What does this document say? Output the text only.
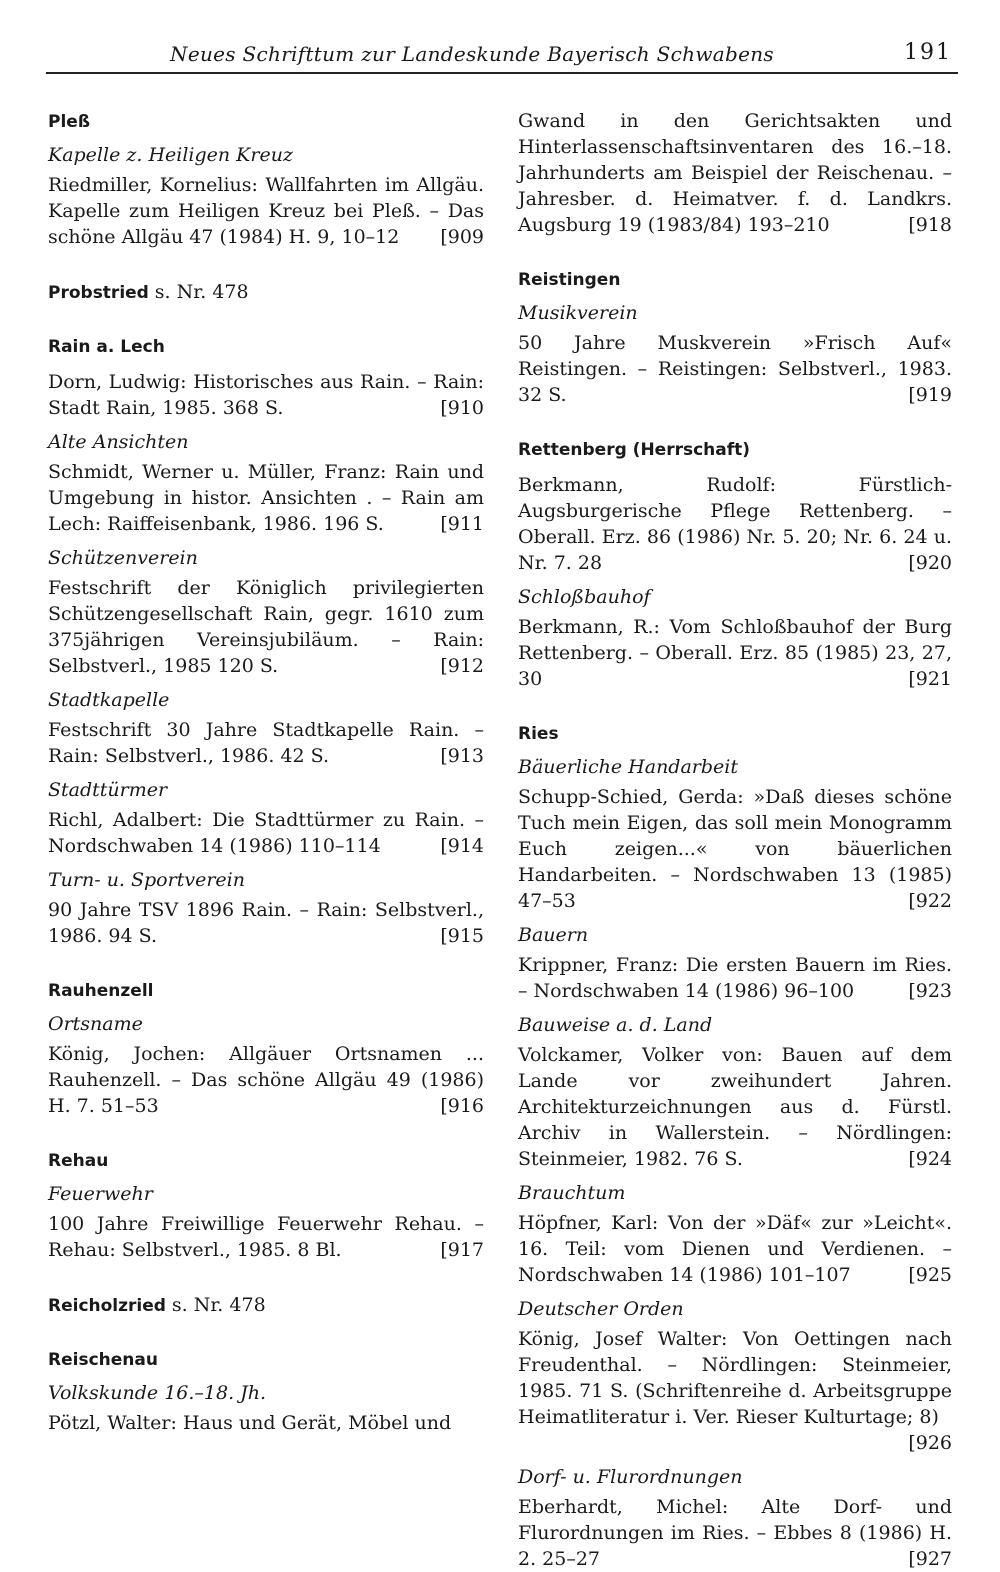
Neues Schrifttum zur Landeskunde Bayerisch Schwabens	191
Pleß
Kapelle z. Heiligen Kreuz

Riedmiller, Kornelius: Wallfahrten im Allgäu. Kapelle zum Heiligen Kreuz bei Pleß. – Das schöne Allgäu 47 (1984) H. 9, 10–12 [909

Probstried s. Nr. 478
Rain a. Lech

Dorn, Ludwig: Historisches aus Rain. – Rain: Stadt Rain, 1985. 368 S.	[910

Alte Ansichten

Schmidt, Werner u. Müller, Franz: Rain und Umgebung in histor. Ansichten . – Rain am Lech: Raiffeisenbank, 1986. 196 S.	[911

Schützenverein

Festschrift der Königlich privilegierten Schützengesellschaft Rain, gegr. 1610 zum 375jährigen Vereinsjubiläum. – Rain: Selbstverl., 1985 120 S.	[912

Stadtkapelle

Festschrift 30 Jahre Stadtkapelle Rain. – Rain: Selbstverl., 1986. 42 S.	[913

Stadttürmer

Richl, Adalbert: Die Stadttürmer zu Rain. – Nordschwaben 14 (1986) 110–114	[914

Turn- u. Sportverein

90 Jahre TSV 1896 Rain. – Rain: Selbstverl., 1986. 94 S.	[915

Rauhenzell
Ortsname

König, Jochen: Allgäuer Ortsnamen ... Rauhenzell. – Das schöne Allgäu 49 (1986) H. 7. 51–53	[916

Rehau
Feuerwehr

100 Jahre Freiwillige Feuerwehr Rehau. – Rehau: Selbstverl., 1985. 8 Bl.	[917

Reicholzried s. Nr. 478
Reischenau
Volkskunde 16.–18. Jh.

Pötzl, Walter: Haus und Gerät, Möbel und

Gwand in den Gerichtsakten und Hinterlassenschaftsinventaren des 16.–18. Jahrhunderts am Beispiel der Reischenau. – Jahresber. d. Heimatver. f. d. Landkrs. Augsburg 19 (1983/84) 193–210	[918

Reistingen
Musikverein

50 Jahre Muskverein »Frisch Auf« Reistingen. – Reistingen: Selbstverl., 1983. 32 S.	[919

Rettenberg (Herrschaft)

Berkmann, Rudolf: Fürstlich-Augsburgerische Pflege Rettenberg. – Oberall. Erz. 86 (1986) Nr. 5. 20; Nr. 6. 24 u. Nr. 7. 28	[920

Schloßbauhof

Berkmann, R.: Vom Schloßbauhof der Burg Rettenberg. – Oberall. Erz. 85 (1985) 23, 27, 30	[921

Ries
Bäuerliche Handarbeit

Schupp-Schied, Gerda: »Daß dieses schöne Tuch mein Eigen, das soll mein Monogramm Euch zeigen...« von bäuerlichen Handarbeiten. – Nordschwaben 13 (1985) 47–53	[922

Bauern

Krippner, Franz: Die ersten Bauern im Ries. – Nordschwaben 14 (1986) 96–100	[923

Bauweise a. d. Land

Volckamer, Volker von: Bauen auf dem Lande vor zweihundert Jahren. Architekturzeichnungen aus d. Fürstl. Archiv in Wallerstein. – Nördlingen: Steinmeier, 1982. 76 S.	[924

Brauchtum

Höpfner, Karl: Von der »Däf« zur »Leicht«. 16. Teil: vom Dienen und Verdienen. – Nordschwaben 14 (1986) 101–107	[925

Deutscher Orden

König, Josef Walter: Von Oettingen nach Freudenthal. – Nördlingen: Steinmeier, 1985. 71 S. (Schriftenreihe d. Arbeitsgruppe Heimatliteratur i. Ver. Rieser Kulturtage; 8)
[926

Dorf- u. Flurordnungen

Eberhardt, Michel: Alte Dorf- und Flurordnungen im Ries. – Ebbes 8 (1986) H. 2. 25–27	[927
